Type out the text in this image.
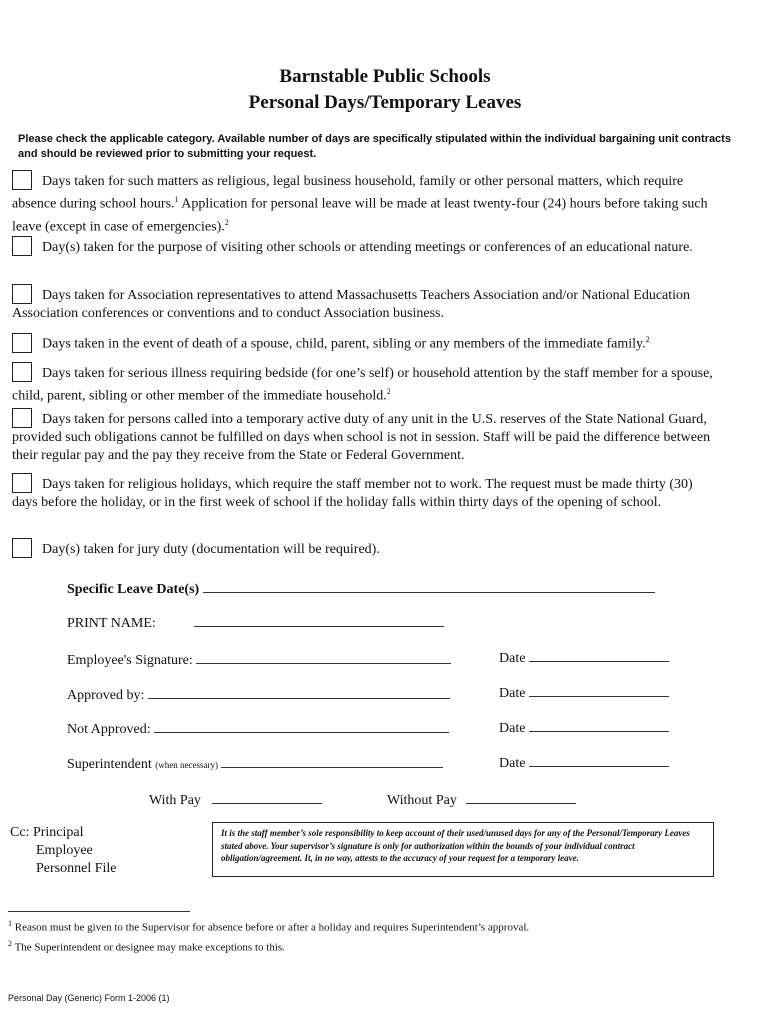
Barnstable Public Schools
Personal Days/Temporary Leaves
Please check the applicable category. Available number of days are specifically stipulated within the individual bargaining unit contracts and should be reviewed prior to submitting your request.
Days taken for such matters as religious, legal business household, family or other personal matters, which require absence during school hours.$^1$ Application for personal leave will be made at least twenty-four (24) hours before taking such leave (except in case of emergencies).$^2$
Day(s) taken for the purpose of visiting other schools or attending meetings or conferences of an educational nature.
Days taken for Association representatives to attend Massachusetts Teachers Association and/or National Education Association conferences or conventions and to conduct Association business.
Days taken in the event of death of a spouse, child, parent, sibling or any members of the immediate family.$^2$
Days taken for serious illness requiring bedside (for one’s self) or household attention by the staff member for a spouse, child, parent, sibling or other member of the immediate household.$^2$
Days taken for persons called into a temporary active duty of any unit in the U.S. reserves of the State National Guard, provided such obligations cannot be fulfilled on days when school is not in session. Staff will be paid the difference between their regular pay and the pay they receive from the State or Federal Government.
Days taken for religious holidays, which require the staff member not to work. The request must be made thirty (30) days before the holiday, or in the first week of school if the holiday falls within thirty days of the opening of school.
Day(s) taken for jury duty (documentation will be required).
Specific Leave Date(s)
PRINT NAME:
Employee's Signature:	Date
Approved by:	Date
Not Approved:	Date
Superintendent (when necessary)	Date
With Pay	Without Pay
Cc: Principal
Employee
Personnel File
It is the staff member’s sole responsibility to keep account of their used/unused days for any of the Personal/Temporary Leaves stated above. Your supervisor’s signature is only for authorization within the bounds of your individual contract obligation/agreement. It, in no way, attests to the accuracy of your request for a temporary leave.
$^1$ Reason must be given to the Supervisor for absence before or after a holiday and requires Superintendent’s approval.
$^2$ The Superintendent or designee may make exceptions to this.
Personal Day (Generic) Form 1-2006 (1)
